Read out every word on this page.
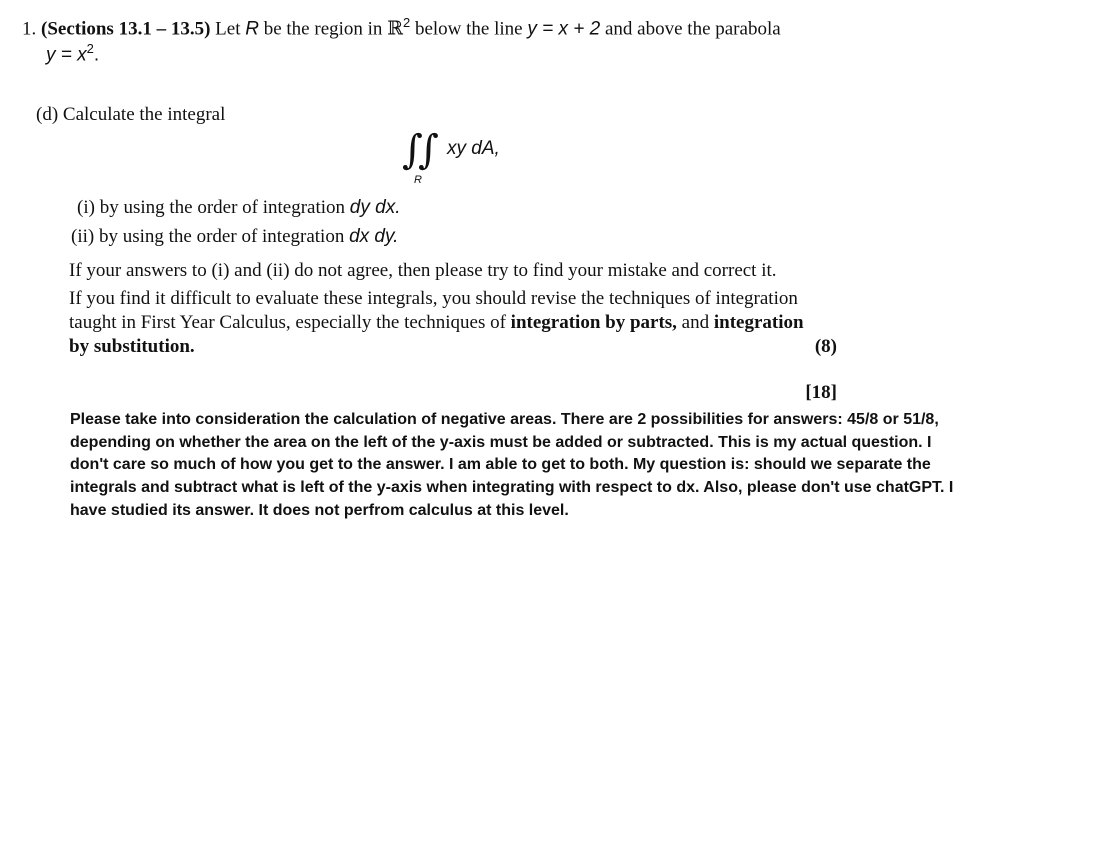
1. (Sections 13.1 – 13.5) Let R be the region in ℝ$^2$ below the line y = x + 2 and above the parabola
$y = x^2$.
(d) Calculate the integral
∫
∫ xy dA,
R
(i) by using the order of integration dy dx.
(ii) by using the order of integration dx dy.
If your answers to (i) and (ii) do not agree, then please try to find your mistake and correct it.
If you find it difficult to evaluate these integrals, you should revise the techniques of integration
taught in First Year Calculus, especially the techniques of integration by parts, and integration
by substitution.	(8)
[18]
Please take into consideration the calculation of negative areas. There are 2 possibilities for answers: 45/8 or 51/8,
depending on whether the area on the left of the y-axis must be added or subtracted. This is my actual question. I
don't care so much of how you get to the answer. I am able to get to both. My question is: should we separate the
integrals and subtract what is left of the y-axis when integrating with respect to dx. Also, please don't use chatGPT. I
have studied its answer. It does not perfrom calculus at this level.
